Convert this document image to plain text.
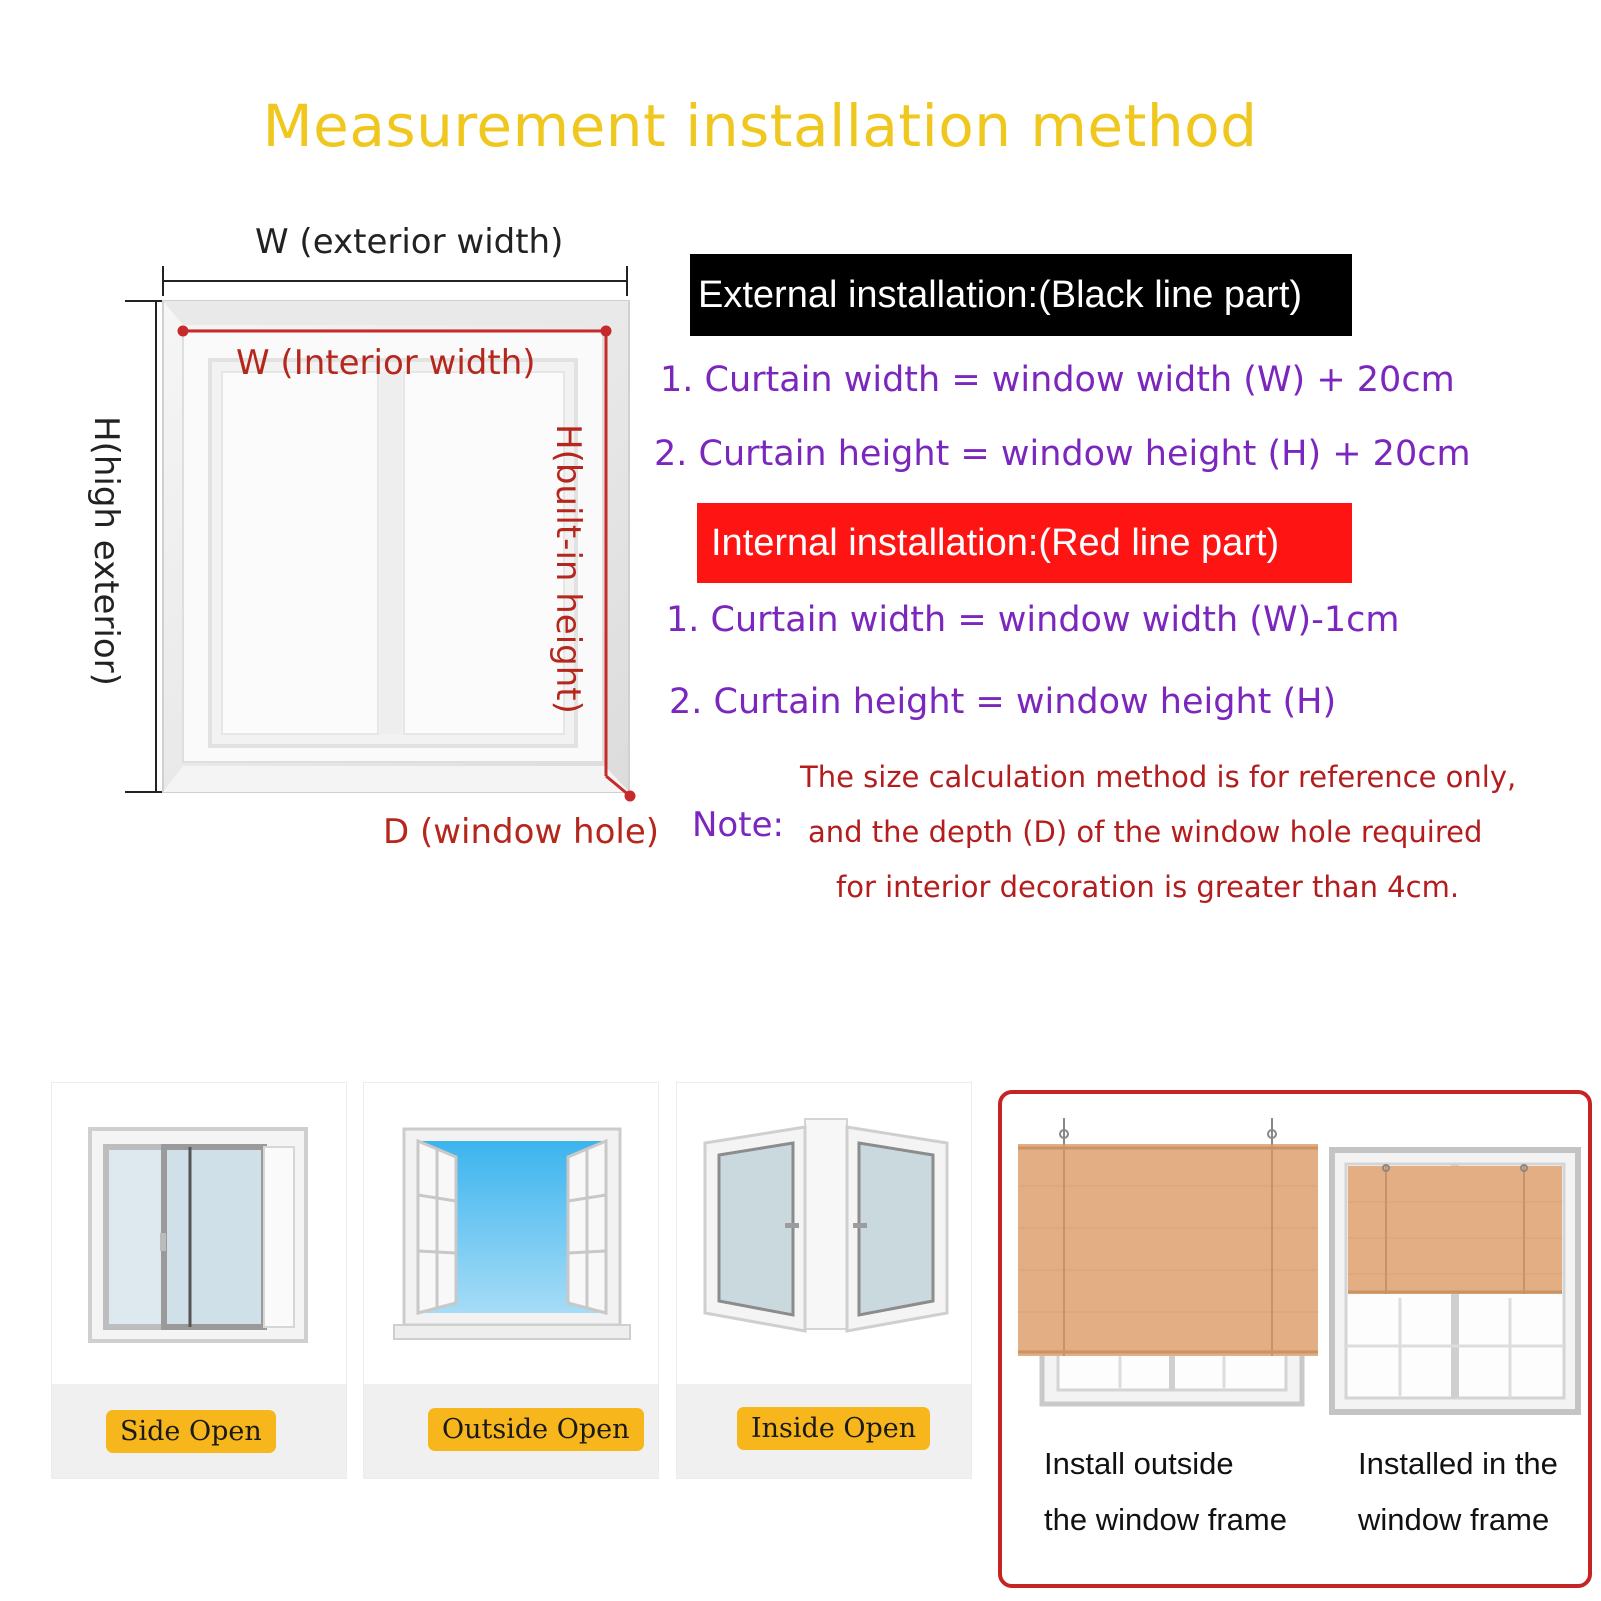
Measurement installation method
W (exterior width)
W (Interior width)
H(high exterior)	H(built-in height)
D (window hole)
External installation:(Black line part)
1. Curtain width = window width (W) + 20cm
2. Curtain height = window height (H) + 20cm
Internal installation:(Red line part)
1. Curtain width = window width (W)-1cm
2. Curtain height = window height (H)
Note:
The size calculation method is for reference only,
and the depth (D) of the window hole required
for interior decoration is greater than 4cm.
Side Open	Outside Open	Inside Open
Install outside
the window frame
Installed in the
window frame
